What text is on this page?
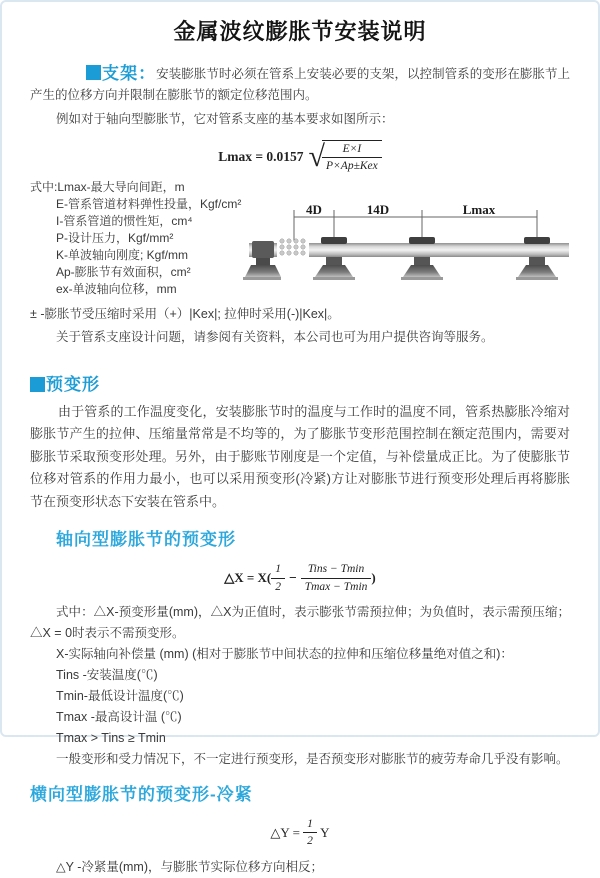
金属波纹膨胀节安装说明

支架：安装膨胀节时必须在管系上安装必要的支架，以控制管系的变形在膨胀节上产生的位移方向并限制在膨胀节的额定位移范围内。

例如对于轴向型膨胀节，它对管系支座的基本要求如图所示：

Lmax = 0.0157 √
$\frac{E\times I}{\text{P×Ap±Kex}}$
式中:Lmax-最大导向间距，m
E-管系管道材料弹性投量，Kgf/cm²
I-管系管道的惯性矩，cm⁴
P-设计压力，Kgf/mm²
K-单波轴向刚度; Kgf/mm
Ap-膨胀节有效面积，cm²
ex-单波轴向位移，mm
4D	14D	Lmax

± -膨胀节受压缩时采用（+）|Kex|; 拉伸时采用(-)|Kex|。

关于管系支座设计问题，请参阅有关资料，本公司也可为用户提供咨询等服务。

预变形

由于管系的工作温度变化，安装膨胀节时的温度与工作时的温度不同，管系热膨胀冷缩对膨胀节产生的拉伸、压缩量常常是不均等的，为了膨胀节变形范围控制在额定范围内，需要对膨胀节采取预变形处理。另外，由于膨账节刚度是一个定值，与补偿量成正比。为了使膨胀节位移对管系的作用力最小，也可以采用预变形(冷紧)方让对膨胀节进行预变形处理后再将膨胀节在预变形状态下安装在管系中。

轴向型膨胀节的预变形
△X = $X( \frac{1}{2} - \frac{\text{Tins − Tmin}}{Tmax - Tmin}$ )

式中：△X-预变形量(mm)，△X为正值时，表示膨张节需预拉伸；为负值时，表示需预压缩；△X = 0时表示不需预变形。

X-实际轴向补偿量 (mm) (相对于膨胀节中间状态的拉伸和压缩位移量绝对值之和)：

Tins -安装温度(℃)

Tmin-最低设计温度(℃)

Tmax -最高设计温 (℃)

Tmax > Tins ≥ Tmin

一般变形和受力情况下，不一定进行预变形，是否预变形对膨胀节的疲劳寿命几乎没有影响。

横向型膨胀节的预变形-冷紧
△Y =
$\frac{1}{2}$
Y

△Y -冷紧量(mm)，与膨胀节实际位移方向相反；
